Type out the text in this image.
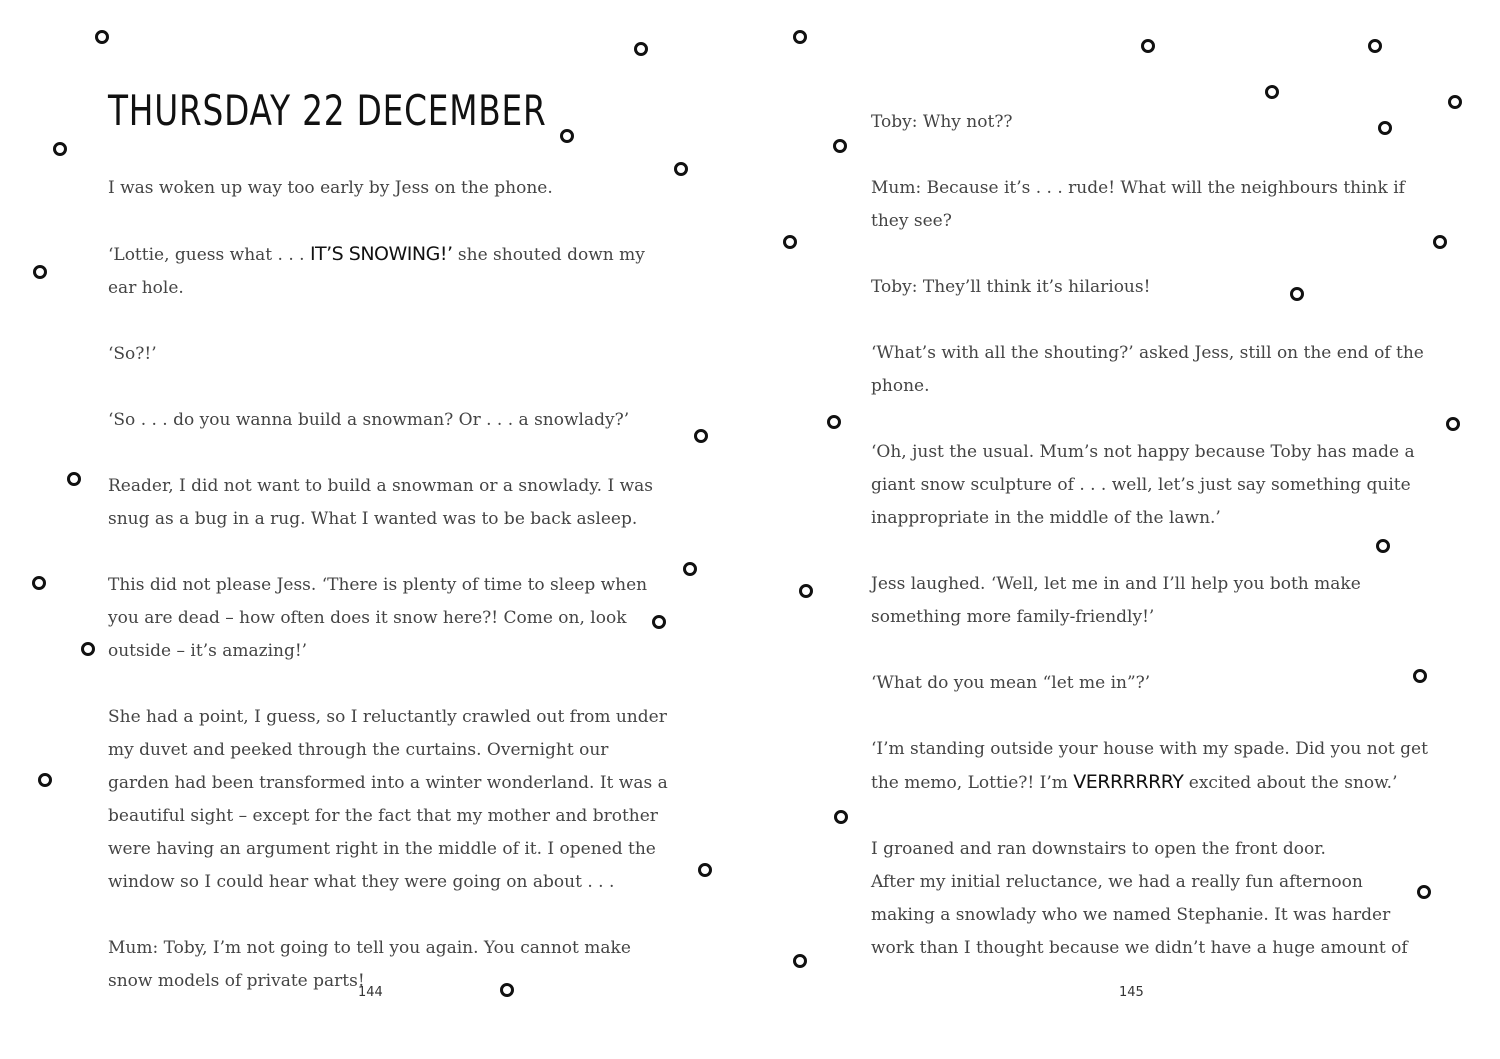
THURSDAY 22 DECEMBER

I was woken up way too early by Jess on the phone.

‘Lottie, guess what . . . IT’S SNOWING!’ she shouted down my ear hole.

‘So?!’

‘So . . . do you wanna build a snowman? Or . . . a snowlady?’

Reader, I did not want to build a snowman or a snowlady. I was snug as a bug in a rug. What I wanted was to be back asleep.

This did not please Jess. ‘There is plenty of time to sleep when you are dead – how often does it snow here?! Come on, look outside – it’s amazing!’

She had a point, I guess, so I reluctantly crawled out from under my duvet and peeked through the curtains. Overnight our garden had been transformed into a winter wonderland. It was a beautiful sight – except for the fact that my mother and brother were having an argument right in the middle of it. I opened the window so I could hear what they were going on about . . .

Mum: Toby, I’m not going to tell you again. You cannot make snow models of private parts!

144

Toby: Why not??

Mum: Because it’s . . . rude! What will the neighbours think if they see?

Toby: They’ll think it’s hilarious!

‘What’s with all the shouting?’ asked Jess, still on the end of the phone.

‘Oh, just the usual. Mum’s not happy because Toby has made a giant snow sculpture of . . . well, let’s just say something quite inappropriate in the middle of the lawn.’

Jess laughed. ‘Well, let me in and I’ll help you both make something more family-friendly!’

‘What do you mean “let me in”?’

‘I’m standing outside your house with my spade. Did you not get the memo, Lottie?! I’m VERRRRRRY excited about the snow.’

I groaned and ran downstairs to open the front door.

After my initial reluctance, we had a really fun afternoon making a snowlady who we named Stephanie. It was harder work than I thought because we didn’t have a huge amount of

145
